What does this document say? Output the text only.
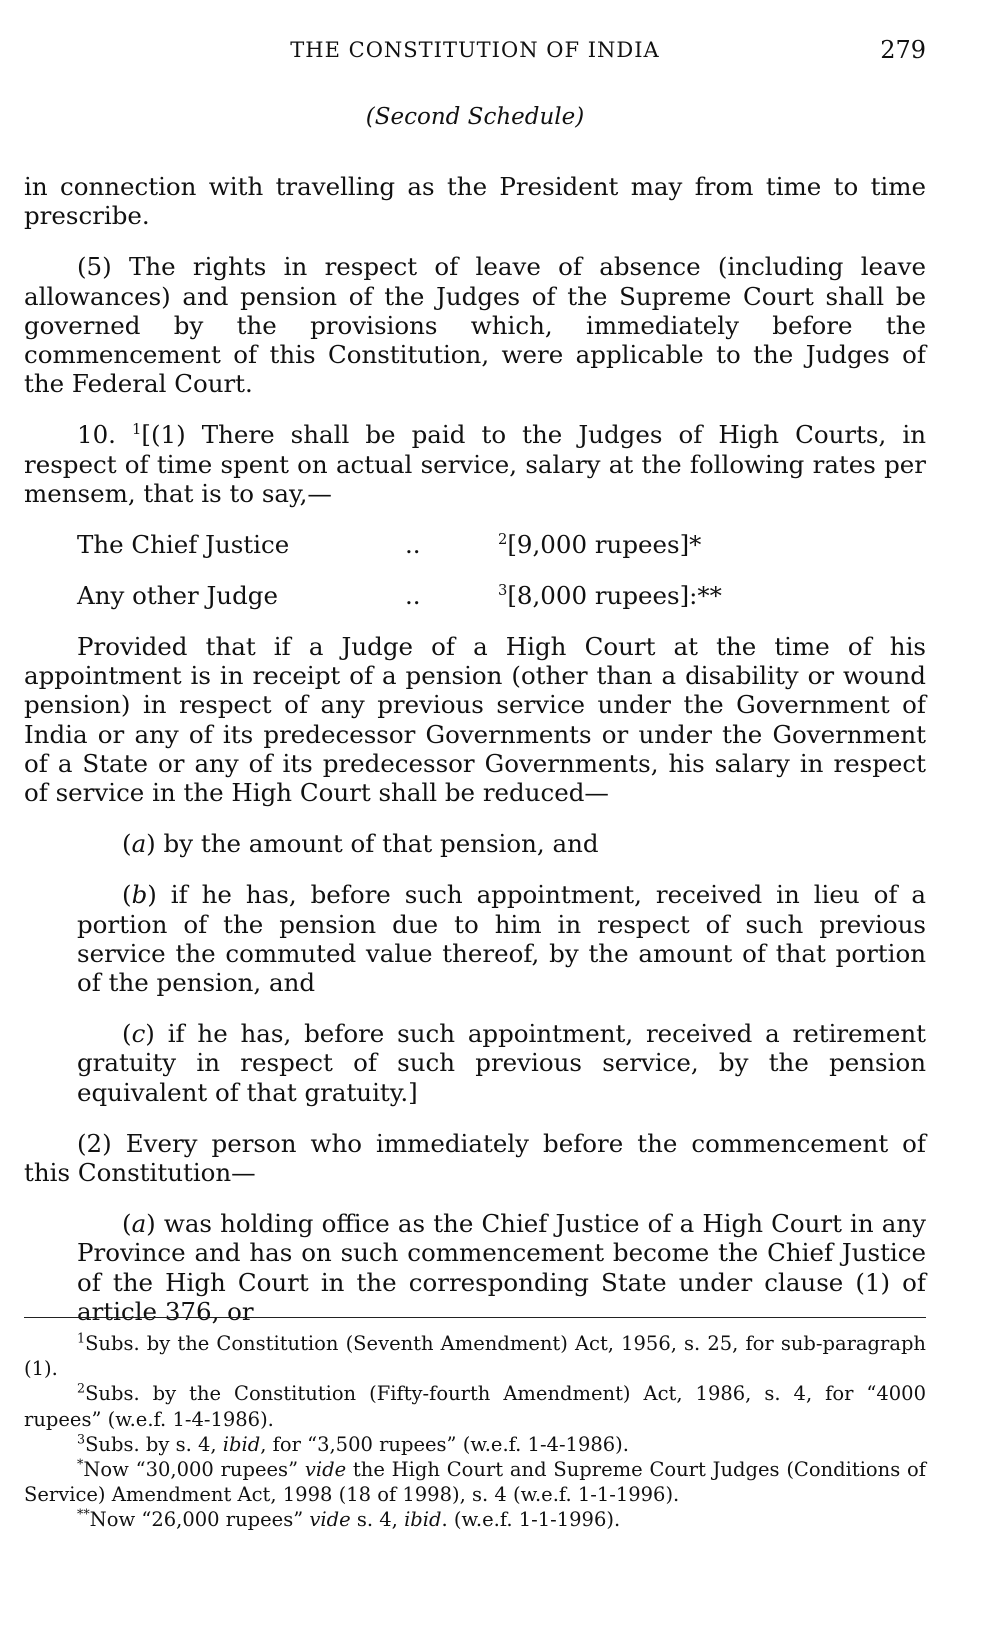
THE CONSTITUTION OF INDIA	279
(Second Schedule)

in connection with travelling as the President may from time to time prescribe.

(5) The rights in respect of leave of absence (including leave allowances) and pension of the Judges of the Supreme Court shall be governed by the provisions which, immediately before the commencement of this Constitution, were applicable to the Judges of the Federal Court.

10. $^1$[(1) There shall be paid to the Judges of High Courts, in respect of time spent on actual service, salary at the following rates per mensem, that is to say,—

The Chief Justice	..	$^2$[9,000 rupees]*
Any other Judge	..	$^3$[8,000 rupees]:**

Provided that if a Judge of a High Court at the time of his appointment is in receipt of a pension (other than a disability or wound pension) in respect of any previous service under the Government of India or any of its predecessor Governments or under the Government of a State or any of its predecessor Governments, his salary in respect of service in the High Court shall be reduced—

(a) by the amount of that pension, and

(b) if he has, before such appointment, received in lieu of a portion of the pension due to him in respect of such previous service the commuted value thereof, by the amount of that portion of the pension, and

(c) if he has, before such appointment, received a retirement gratuity in respect of such previous service, by the pension equivalent of that gratuity.]

(2) Every person who immediately before the commencement of this Constitution—

(a) was holding office as the Chief Justice of a High Court in any Province and has on such commencement become the Chief Justice of the High Court in the corresponding State under clause (1) of article 376, or

$^1$Subs. by the Constitution (Seventh Amendment) Act, 1956, s. 25, for sub-paragraph (1).

$^2$Subs. by the Constitution (Fifty-fourth Amendment) Act, 1986, s. 4, for “4000 rupees” (w.e.f. 1-4-1986).

$^3$Subs. by s. 4, ibid, for “3,500 rupees” (w.e.f. 1-4-1986).

*Now “30,000 rupees” vide the High Court and Supreme Court Judges (Conditions of Service) Amendment Act, 1998 (18 of 1998), s. 4 (w.e.f. 1-1-1996).

**Now “26,000 rupees” vide s. 4, ibid. (w.e.f. 1-1-1996).
